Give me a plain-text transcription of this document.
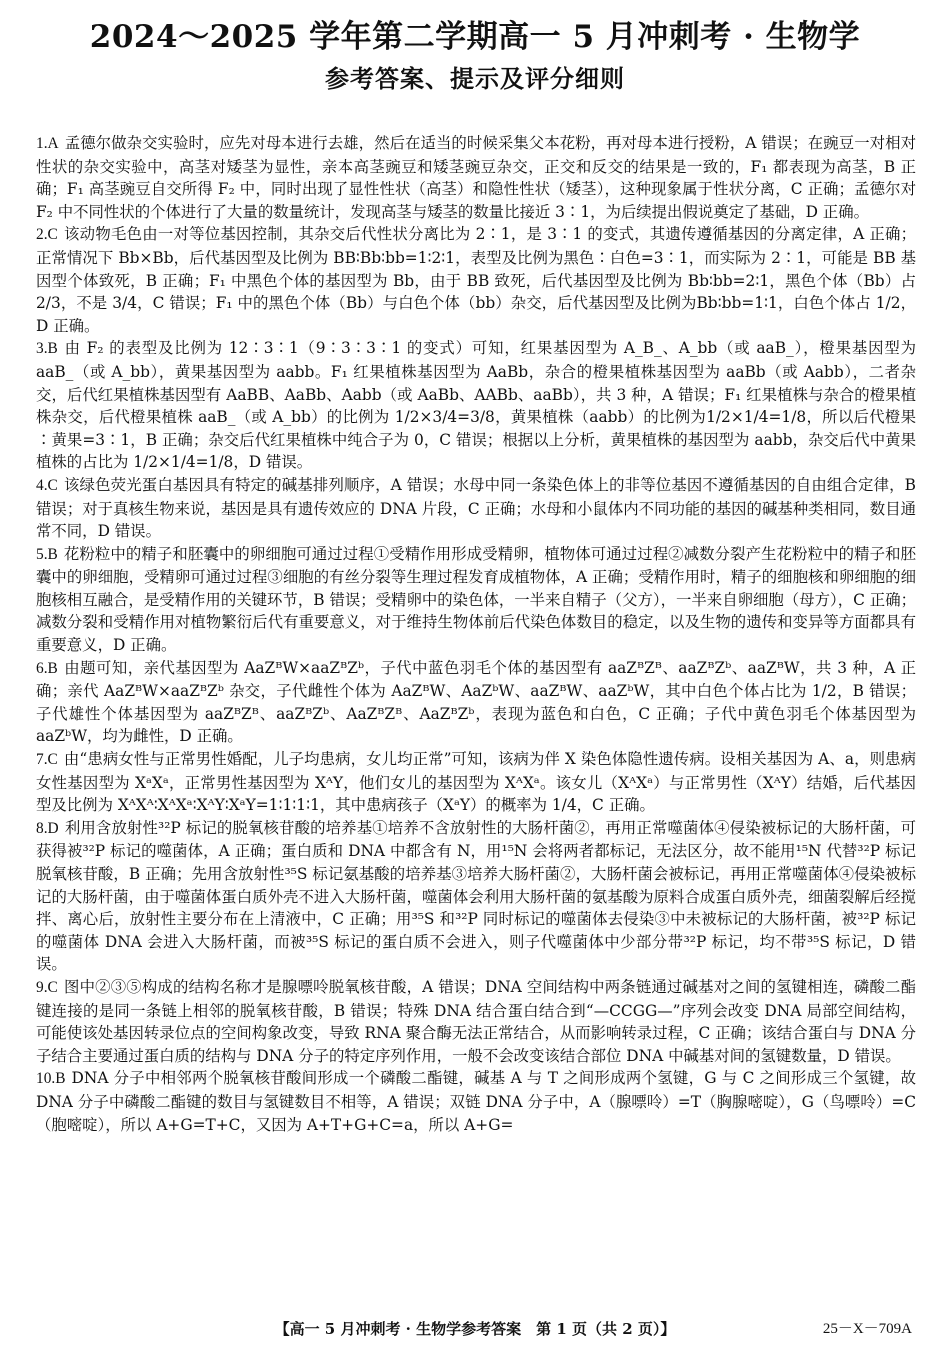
2024～2025 学年第二学期高一 5 月冲刺考 · 生物学
参考答案、提示及评分细则

1.A 孟德尔做杂交实验时，应先对母本进行去雄，然后在适当的时候采集父本花粉，再对母本进行授粉，A 错误；在豌豆一对相对性状的杂交实验中，高茎对矮茎为显性，亲本高茎豌豆和矮茎豌豆杂交，正交和反交的结果是一致的，F₁ 都表现为高茎，B 正确；F₁ 高茎豌豆自交所得 F₂ 中，同时出现了显性性状（高茎）和隐性性状（矮茎），这种现象属于性状分离，C 正确；孟德尔对 F₂ 中不同性状的个体进行了大量的数量统计，发现高茎与矮茎的数量比接近 3∶1，为后续提出假说奠定了基础，D 正确。

2.C 该动物毛色由一对等位基因控制，其杂交后代性状分离比为 2∶1，是 3∶1 的变式，其遗传遵循基因的分离定律，A 正确；正常情况下 Bb×Bb，后代基因型及比例为 BB∶Bb∶bb=1∶2∶1，表型及比例为黑色∶白色=3∶1，而实际为 2∶1，可能是 BB 基因型个体致死，B 正确；F₁ 中黑色个体的基因型为 Bb，由于 BB 致死，后代基因型及比例为 Bb∶bb=2∶1，黑色个体（Bb）占 2/3，不是 3/4，C 错误；F₁ 中的黑色个体（Bb）与白色个体（bb）杂交，后代基因型及比例为Bb∶bb=1∶1，白色个体占 1/2，D 正确。

3.B 由 F₂ 的表型及比例为 12∶3∶1（9∶3∶3∶1 的变式）可知，红果基因型为 A_B_、A_bb（或 aaB_），橙果基因型为 aaB_（或 A_bb），黄果基因型为 aabb。F₁ 红果植株基因型为 AaBb，杂合的橙果植株基因型为 aaBb（或 Aabb），二者杂交，后代红果植株基因型有 AaBB、AaBb、Aabb（或 AaBb、AABb、aaBb），共 3 种，A 错误；F₁ 红果植株与杂合的橙果植株杂交，后代橙果植株 aaB_（或 A_bb）的比例为 1/2×3/4=3/8，黄果植株（aabb）的比例为1/2×1/4=1/8，所以后代橙果∶黄果=3∶1，B 正确；杂交后代红果植株中纯合子为 0，C 错误；根据以上分析，黄果植株的基因型为 aabb，杂交后代中黄果植株的占比为 1/2×1/4=1/8，D 错误。

4.C 该绿色荧光蛋白基因具有特定的碱基排列顺序，A 错误；水母中同一条染色体上的非等位基因不遵循基因的自由组合定律，B 错误；对于真核生物来说，基因是具有遗传效应的 DNA 片段，C 正确；水母和小鼠体内不同功能的基因的碱基种类相同，数目通常不同，D 错误。

5.B 花粉粒中的精子和胚囊中的卵细胞可通过过程①受精作用形成受精卵，植物体可通过过程②减数分裂产生花粉粒中的精子和胚囊中的卵细胞，受精卵可通过过程③细胞的有丝分裂等生理过程发育成植物体，A 正确；受精作用时，精子的细胞核和卵细胞的细胞核相互融合，是受精作用的关键环节，B 错误；受精卵中的染色体，一半来自精子（父方），一半来自卵细胞（母方），C 正确；减数分裂和受精作用对植物繁衍后代有重要意义，对于维持生物体前后代染色体数目的稳定，以及生物的遗传和变异等方面都具有重要意义，D 正确。

6.B 由题可知，亲代基因型为 AaZᴮW×aaZᴮZᵇ，子代中蓝色羽毛个体的基因型有 aaZᴮZᴮ、aaZᴮZᵇ、aaZᴮW，共 3 种，A 正确；亲代 AaZᴮW×aaZᴮZᵇ 杂交，子代雌性个体为 AaZᴮW、AaZᵇW、aaZᴮW、aaZᵇW，其中白色个体占比为 1/2，B 错误；子代雄性个体基因型为 aaZᴮZᴮ、aaZᴮZᵇ、AaZᴮZᴮ、AaZᴮZᵇ，表现为蓝色和白色，C 正确；子代中黄色羽毛个体基因型为 aaZᵇW，均为雌性，D 正确。

7.C 由“患病女性与正常男性婚配，儿子均患病，女儿均正常”可知，该病为伴 X 染色体隐性遗传病。设相关基因为 A、a，则患病女性基因型为 XᵃXᵃ，正常男性基因型为 XᴬY，他们女儿的基因型为 XᴬXᵃ。该女儿（XᴬXᵃ）与正常男性（XᴬY）结婚，后代基因型及比例为 XᴬXᴬ∶XᴬXᵃ∶XᴬY∶XᵃY=1∶1∶1∶1，其中患病孩子（XᵃY）的概率为 1/4，C 正确。

8.D 利用含放射性³²P 标记的脱氧核苷酸的培养基①培养不含放射性的大肠杆菌②，再用正常噬菌体④侵染被标记的大肠杆菌，可获得被³²P 标记的噬菌体，A 正确；蛋白质和 DNA 中都含有 N，用¹⁵N 会将两者都标记，无法区分，故不能用¹⁵N 代替³²P 标记脱氧核苷酸，B 正确；先用含放射性³⁵S 标记氨基酸的培养基③培养大肠杆菌②，大肠杆菌会被标记，再用正常噬菌体④侵染被标记的大肠杆菌，由于噬菌体蛋白质外壳不进入大肠杆菌，噬菌体会利用大肠杆菌的氨基酸为原料合成蛋白质外壳，细菌裂解后经搅拌、离心后，放射性主要分布在上清液中，C 正确；用³⁵S 和³²P 同时标记的噬菌体去侵染③中未被标记的大肠杆菌，被³²P 标记的噬菌体 DNA 会进入大肠杆菌，而被³⁵S 标记的蛋白质不会进入，则子代噬菌体中少部分带³²P 标记，均不带³⁵S 标记，D 错误。

9.C 图中②③⑤构成的结构名称才是腺嘌呤脱氧核苷酸，A 错误；DNA 空间结构中两条链通过碱基对之间的氢键相连，磷酸二酯键连接的是同一条链上相邻的脱氧核苷酸，B 错误；特殊 DNA 结合蛋白结合到“—CCGG—”序列会改变 DNA 局部空间结构，可能使该处基因转录位点的空间构象改变，导致 RNA 聚合酶无法正常结合，从而影响转录过程，C 正确；该结合蛋白与 DNA 分子结合主要通过蛋白质的结构与 DNA 分子的特定序列作用，一般不会改变该结合部位 DNA 中碱基对间的氢键数量，D 错误。

10.B DNA 分子中相邻两个脱氧核苷酸间形成一个磷酸二酯键，碱基 A 与 T 之间形成两个氢键，G 与 C 之间形成三个氢键，故 DNA 分子中磷酸二酯键的数目与氢键数目不相等，A 错误；双链 DNA 分子中，A（腺嘌呤）=T（胸腺嘧啶），G（鸟嘌呤）=C（胞嘧啶），所以 A+G=T+C，又因为 A+T+G+C=a，所以 A+G=

【高一 5 月冲刺考 · 生物学参考答案　第 1 页（共 2 页）】	25－X－709A
